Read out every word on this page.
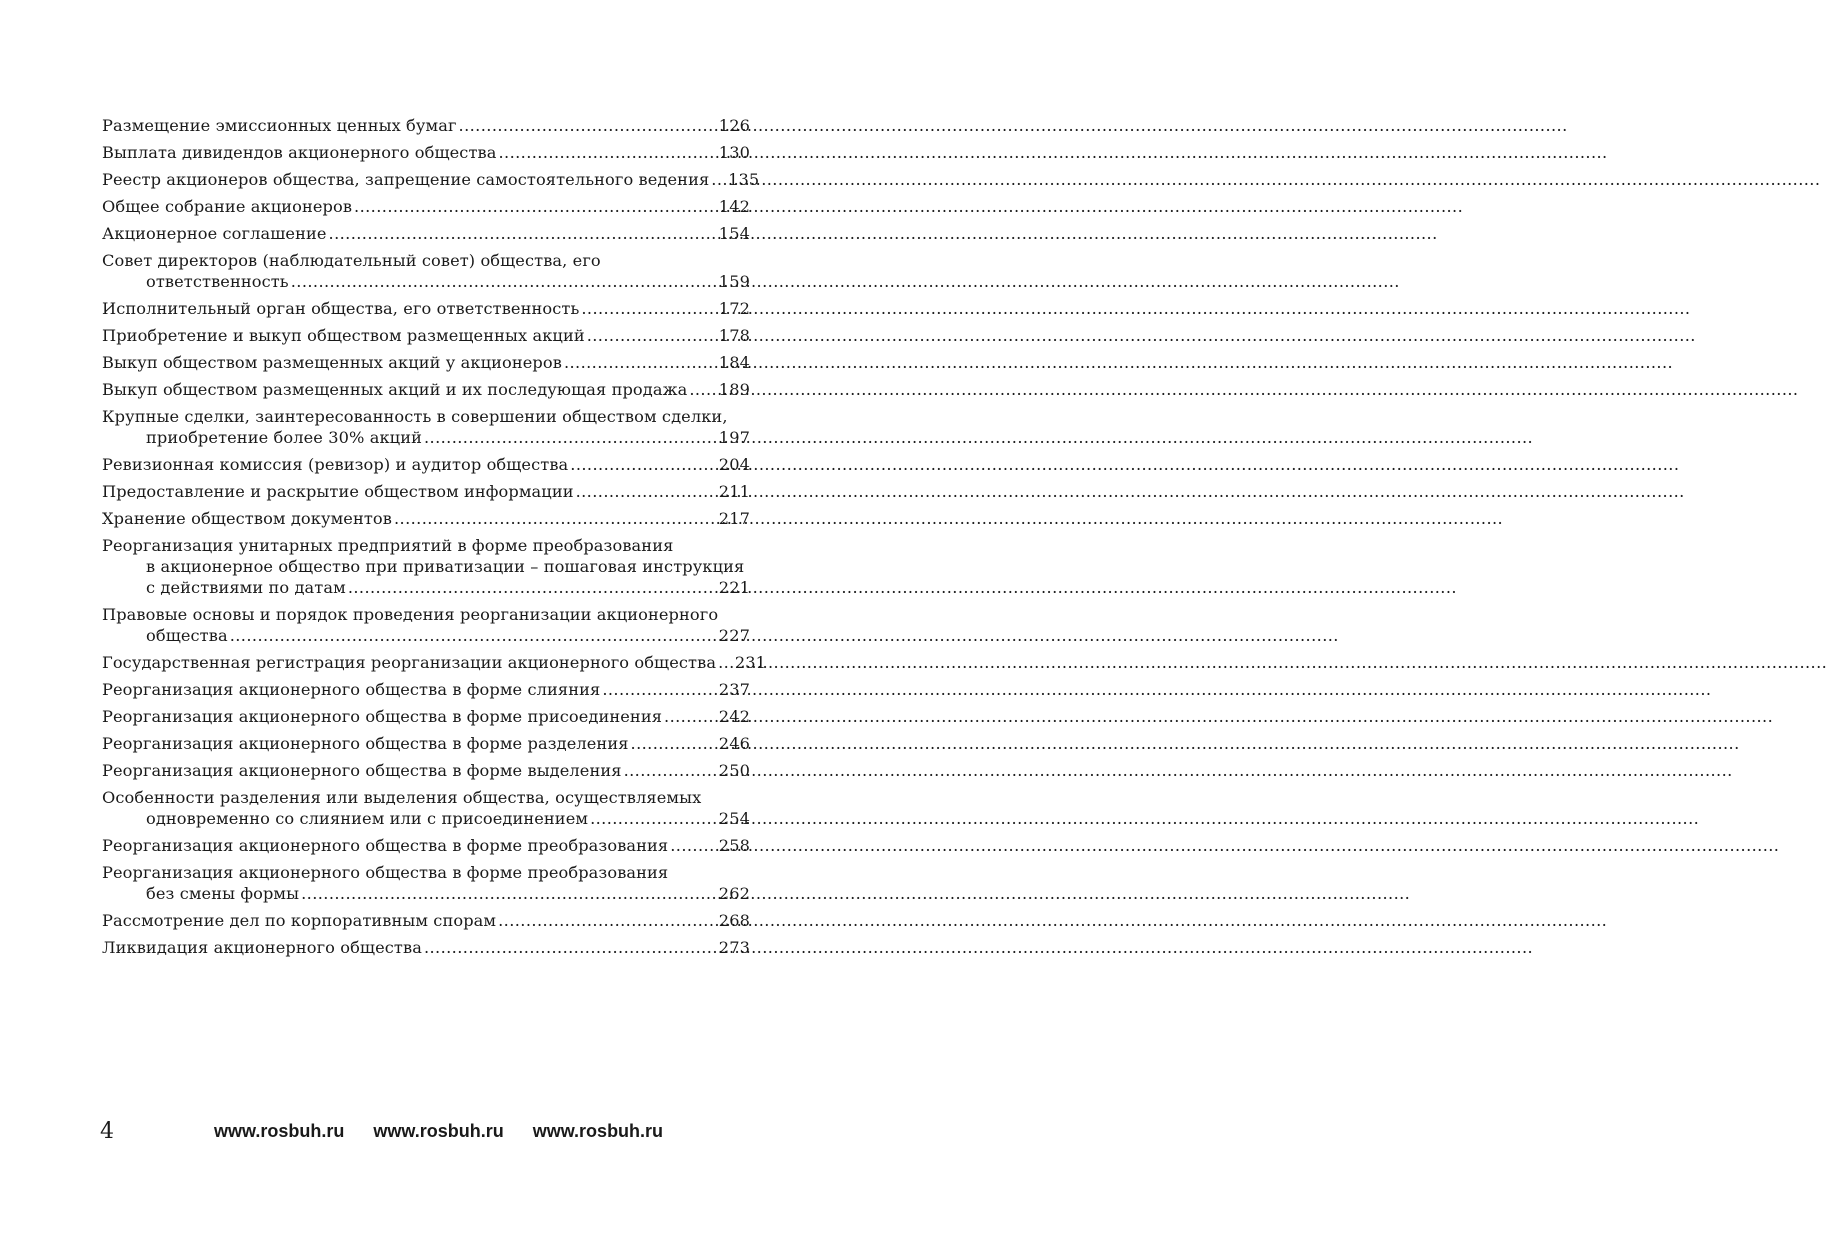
Размещение эмиссионных ценных бумаг .....	126
Выплата дивидендов акционерного общества .....	130
Реестр акционеров общества, запрещение самостоятельного ведения ..... 135
Общее собрание акционеров .....	142
Акционерное соглашение .....	154
Совет директоров (наблюдательный совет) общества, его
ответственность .....	159
Исполнительный орган общества, его ответственность .....	172
Приобретение и выкуп обществом размещенных акций .....	178
Выкуп обществом размещенных акций у акционеров .....	184
Выкуп обществом размещенных акций и их последующая продажа ..... 189
Крупные сделки, заинтересованность в совершении обществом сделки,
приобретение более 30% акций .....	197
Ревизионная комиссия (ревизор) и аудитор общества .....	204
Предоставление и раскрытие обществом информации .....	211
Хранение обществом документов .....	217
Реорганизация унитарных предприятий в форме преобразования
в акционерное общество при приватизации – пошаговая инструкция
с действиями по датам .....	221
Правовые основы и порядок проведения реорганизации акционерного
общества .....	227
Государственная регистрация реорганизации акционерного общества ..... 231
Реорганизация акционерного общества в форме слияния .....	237
Реорганизация акционерного общества в форме присоединения .....	242
Реорганизация акционерного общества в форме разделения .....	246
Реорганизация акционерного общества в форме выделения .....	250
Особенности разделения или выделения общества, осуществляемых
одновременно со слиянием или с присоединением .....	254
Реорганизация акционерного общества в форме преобразования .....	258
Реорганизация акционерного общества в форме преобразования
без смены формы .....	262
Рассмотрение дел по корпоративным спорам .....	268
Ликвидация акционерного общества .....	273
4	www.rosbuh.ru www.rosbuh.ru www.rosbuh.ru
